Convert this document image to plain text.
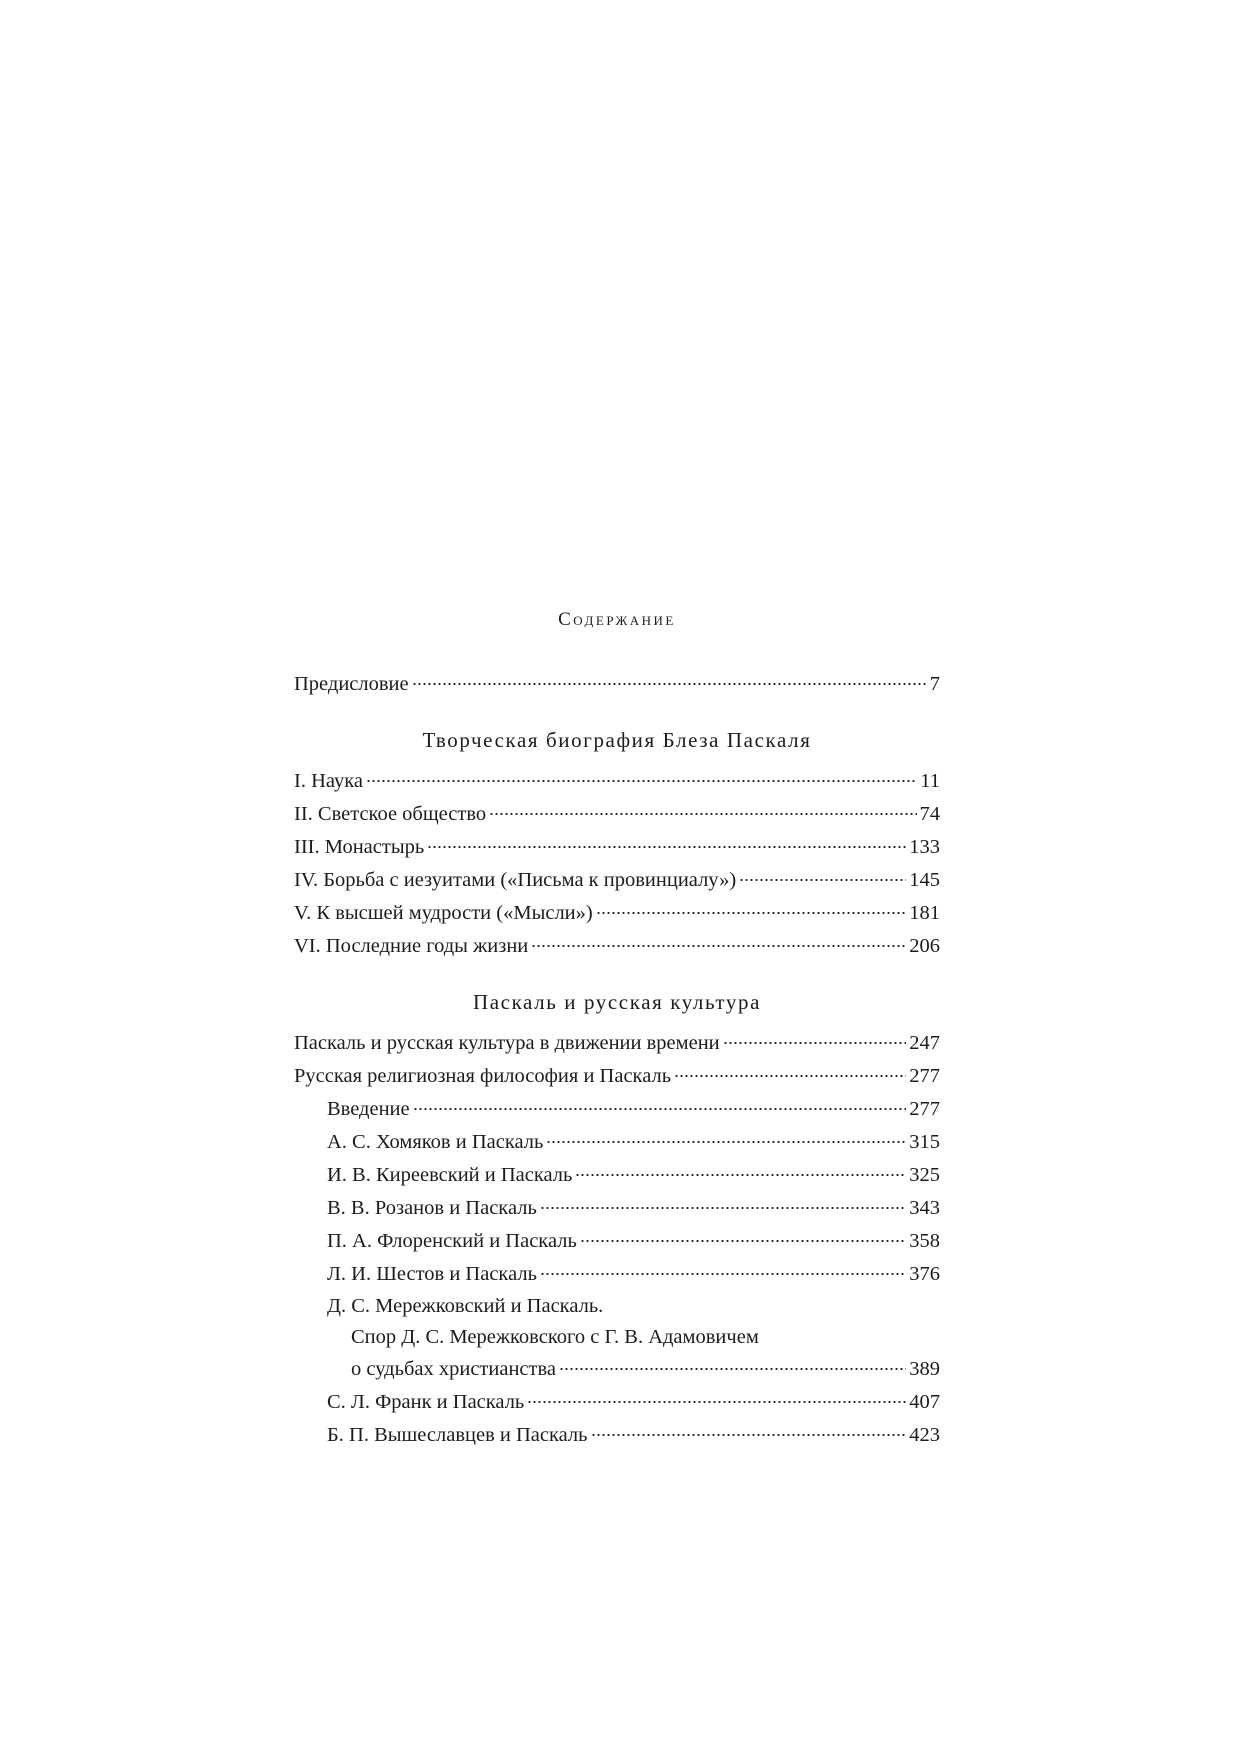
Содержание
Предисловие	7
Творческая биография Блеза Паскаля
I. Наука	11
II. Светское общество	74
III. Монастырь	133
IV. Борьба с иезуитами («Письма к провинциалу»)	145
V. К высшей мудрости («Мысли»)	181
VI. Последние годы жизни	206
Паскаль и русская культура
Паскаль и русская культура в движении времени	247
Русская религиозная философия и Паскаль	277
Введение	277
А. С. Хомяков и Паскаль	315
И. В. Киреевский и Паскаль	325
В. В. Розанов и Паскаль	343
П. А. Флоренский и Паскаль	358
Л. И. Шестов и Паскаль	376
Д. С. Мережковский и Паскаль.
Спор Д. С. Мережковского с Г. В. Адамовичем
о судьбах христианства	389
С. Л. Франк и Паскаль	407
Б. П. Вышеславцев и Паскаль	423
